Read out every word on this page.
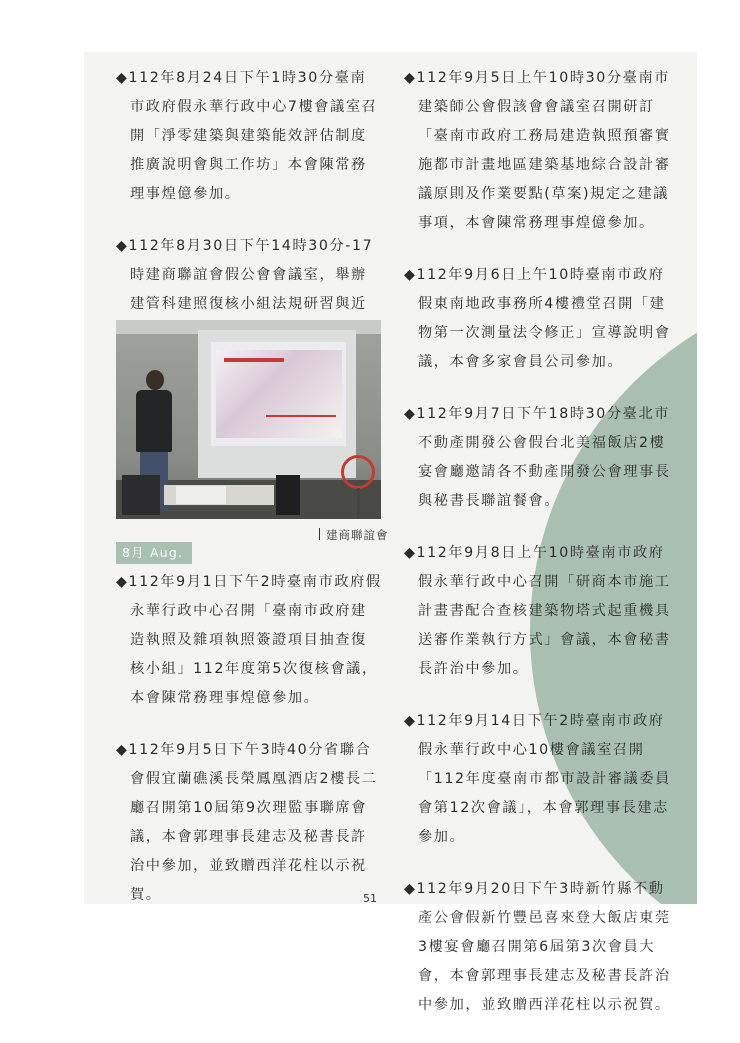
◆112年8月24日下午1時30分臺南市政府假永華行政中心7樓會議室召開「淨零建築與建築能效評估制度推廣說明會與工作坊」本會陳常務理事煌億參加。

◆112年8月30日下午14時30分-17時建商聯誼會假公會會議室，舉辦建管科建照復核小組法規研習與近

建商聯誼會
8月 Aug.

◆112年9月1日下午2時臺南市政府假永華行政中心召開「臺南市政府建造執照及雜項執照簽證項目抽查復核小組」112年度第5次復核會議，本會陳常務理事煌億參加。

◆112年9月5日下午3時40分省聯合會假宜蘭礁溪長榮鳳凰酒店2樓長二廳召開第10屆第9次理監事聯席會議，本會郭理事長建志及秘書長許治中參加，並致贈西洋花柱以示祝賀。

◆112年9月5日上午10時30分臺南市建築師公會假該會會議室召開研訂「臺南市政府工務局建造執照預審實施都市計畫地區建築基地綜合設計審議原則及作業要點(草案)規定之建議事項，本會陳常務理事煌億參加。

◆112年9月6日上午10時臺南市政府假東南地政事務所4樓禮堂召開「建物第一次測量法令修正」宣導說明會議，本會多家會員公司參加。

◆112年9月7日下午18時30分臺北市不動產開發公會假台北美福飯店2樓宴會廳邀請各不動產開發公會理事長與秘書長聯誼餐會。

◆112年9月8日上午10時臺南市政府假永華行政中心召開「研商本市施工計畫書配合查核建築物塔式起重機具送審作業執行方式」會議，本會秘書長許治中參加。

◆112年9月14日下午2時臺南市政府假永華行政中心10樓會議室召開「112年度臺南市都市設計審議委員會第12次會議」，本會郭理事長建志參加。

◆112年9月20日下午3時新竹縣不動產公會假新竹豐邑喜來登大飯店東莞3樓宴會廳召開第6屆第3次會員大會，本會郭理事長建志及秘書長許治中參加，並致贈西洋花柱以示祝賀。

51
